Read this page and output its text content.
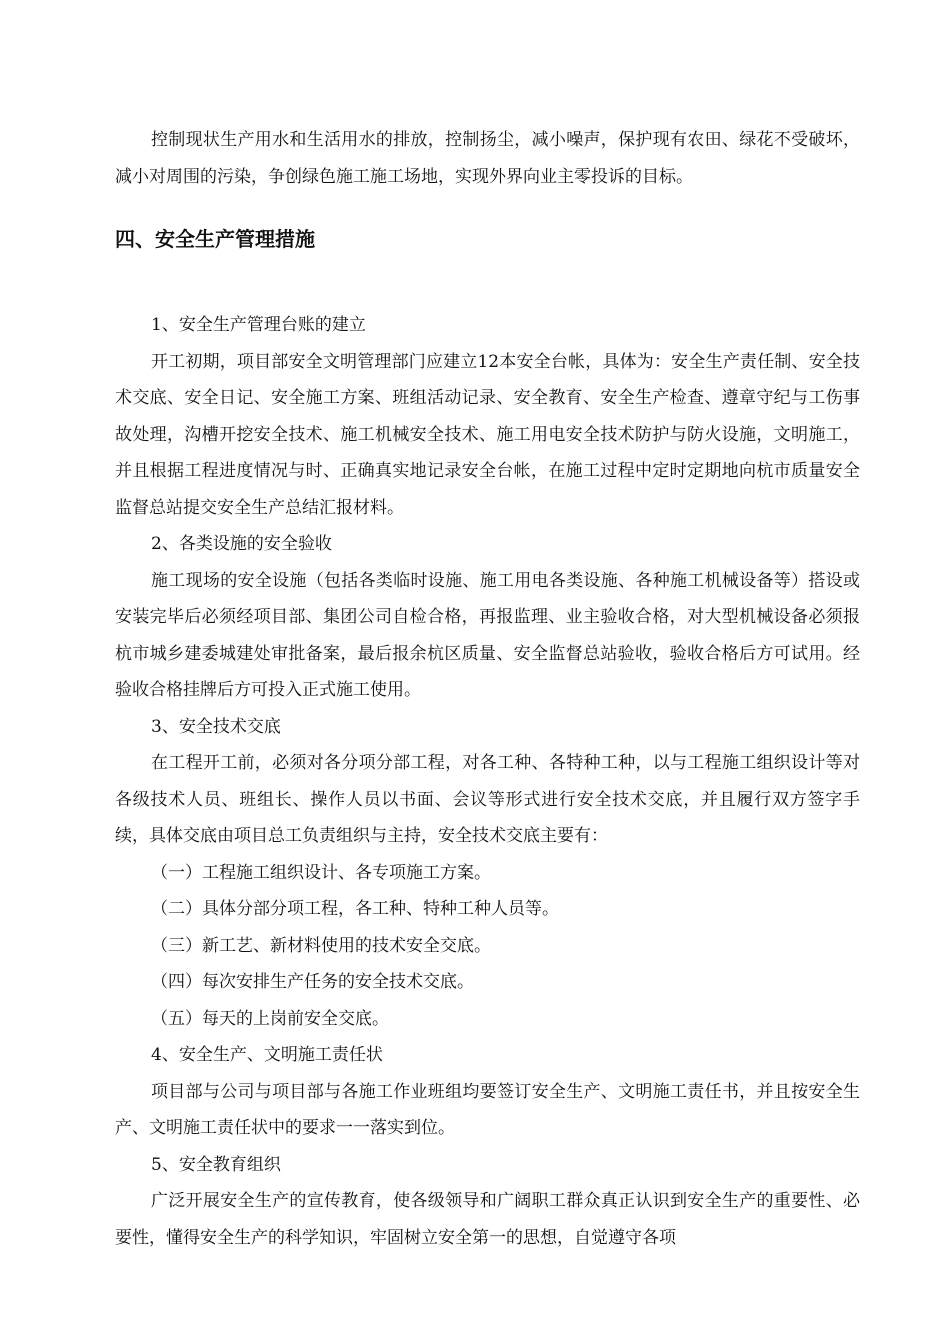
控制现状生产用水和生活用水的排放，控制扬尘，减小噪声，保护现有农田、绿花不受破坏，减小对周围的污染，争创绿色施工施工场地，实现外界向业主零投诉的目标。

四、安全生产管理措施

1、安全生产管理台账的建立

开工初期，项目部安全文明管理部门应建立12本安全台帐，具体为：安全生产责任制、安全技术交底、安全日记、安全施工方案、班组活动记录、安全教育、安全生产检查、遵章守纪与工伤事故处理，沟槽开挖安全技术、施工机械安全技术、施工用电安全技术防护与防火设施，文明施工，并且根据工程进度情况与时、正确真实地记录安全台帐，在施工过程中定时定期地向杭市质量安全监督总站提交安全生产总结汇报材料。

2、各类设施的安全验收

施工现场的安全设施（包括各类临时设施、施工用电各类设施、各种施工机械设备等）搭设或安装完毕后必须经项目部、集团公司自检合格，再报监理、业主验收合格，对大型机械设备必须报杭市城乡建委城建处审批备案，最后报余杭区质量、安全监督总站验收，验收合格后方可试用。经验收合格挂牌后方可投入正式施工使用。

3、安全技术交底

在工程开工前，必须对各分项分部工程，对各工种、各特种工种，以与工程施工组织设计等对各级技术人员、班组长、操作人员以书面、会议等形式进行安全技术交底，并且履行双方签字手续，具体交底由项目总工负责组织与主持，安全技术交底主要有：

（一）工程施工组织设计、各专项施工方案。

（二）具体分部分项工程，各工种、特种工种人员等。

（三）新工艺、新材料使用的技术安全交底。

（四）每次安排生产任务的安全技术交底。

（五）每天的上岗前安全交底。

4、安全生产、文明施工责任状

项目部与公司与项目部与各施工作业班组均要签订安全生产、文明施工责任书，并且按安全生产、文明施工责任状中的要求一一落实到位。

5、安全教育组织

广泛开展安全生产的宣传教育，使各级领导和广阔职工群众真正认识到安全生产的重要性、必要性，懂得安全生产的科学知识，牢固树立安全第一的思想，自觉遵守各项
